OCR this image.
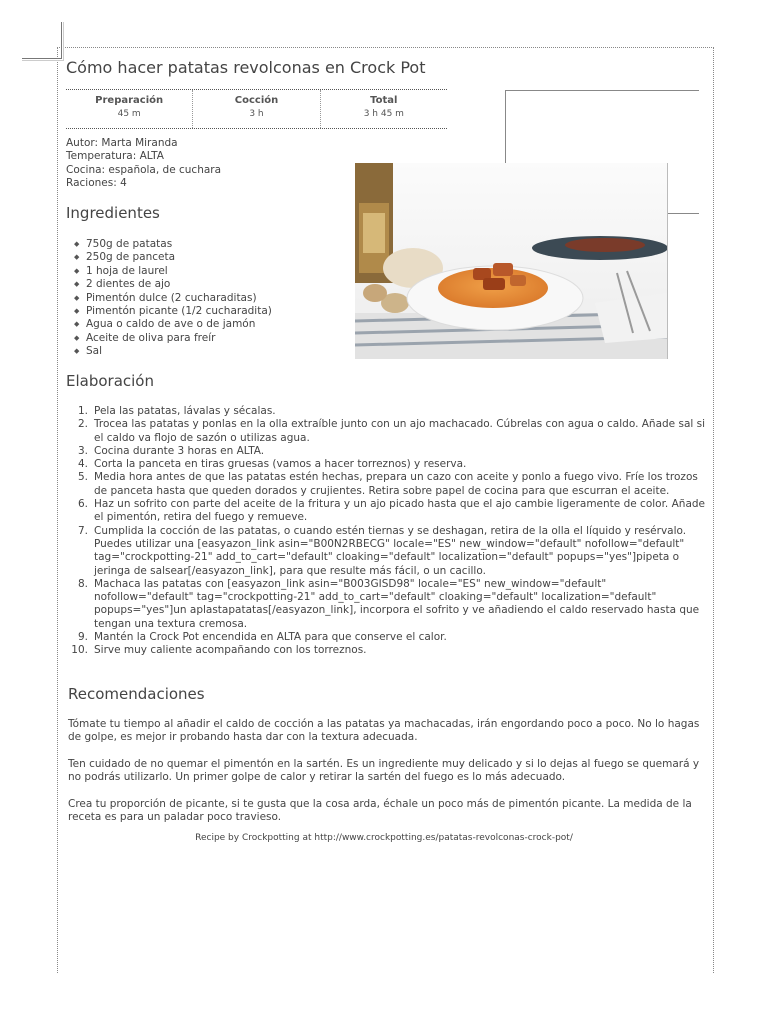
Cómo hacer patatas revolconas en Crock Pot
Preparación
45 m
Cocción
3 h
Total
3 h 45 m
Autor: Marta Miranda
Temperatura: ALTA
Cocina: española, de cuchara
Raciones: 4
Ingredientes
◆ 750g de patatas
◆ 250g de panceta
◆ 1 hoja de laurel
◆ 2 dientes de ajo
◆ Pimentón dulce (2 cucharaditas)
◆ Pimentón picante (1/2 cucharadita)
◆ Agua o caldo de ave o de jamón
◆ Aceite de oliva para freír
◆ Sal
Elaboración
1. Pela las patatas, lávalas y sécalas.
2. Trocea las patatas y ponlas en la olla extraíble junto con un ajo machacado. Cúbrelas con agua o caldo. Añade sal si el caldo va flojo de sazón o utilizas agua.
3. Cocina durante 3 horas en ALTA.
4. Corta la panceta en tiras gruesas (vamos a hacer torreznos) y reserva.
5. Media hora antes de que las patatas estén hechas, prepara un cazo con aceite y ponlo a fuego vivo. Fríe los trozos de panceta hasta que queden dorados y crujientes. Retira sobre papel de cocina para que escurran el aceite.
6. Haz un sofrito con parte del aceite de la fritura y un ajo picado hasta que el ajo cambie ligeramente de color. Añade el pimentón, retira del fuego y remueve.
7. Cumplida la cocción de las patatas, o cuando estén tiernas y se deshagan, retira de la olla el líquido y resérvalo. Puedes utilizar una [easyazon_link asin="B00N2RBECG" locale="ES" new_window="default" nofollow="default" tag="crockpotting-21" add_to_cart="default" cloaking="default" localization="default" popups="yes"]pipeta o jeringa de salsear[/easyazon_link], para que resulte más fácil, o un cacillo.
8. Machaca las patatas con [easyazon_link asin="B003GISD98" locale="ES" new_window="default" nofollow="default" tag="crockpotting-21" add_to_cart="default" cloaking="default" localization="default" popups="yes"]un aplastapatatas[/easyazon_link], incorpora el sofrito y ve añadiendo el caldo reservado hasta que tengan una textura cremosa.
9. Mantén la Crock Pot encendida en ALTA para que conserve el calor.
10. Sirve muy caliente acompañando con los torreznos.
Recomendaciones

Tómate tu tiempo al añadir el caldo de cocción a las patatas ya machacadas, irán engordando poco a poco. No lo hagas de golpe, es mejor ir probando hasta dar con la textura adecuada.

Ten cuidado de no quemar el pimentón en la sartén. Es un ingrediente muy delicado y si lo dejas al fuego se quemará y no podrás utilizarlo. Un primer golpe de calor y retirar la sartén del fuego es lo más adecuado.

Crea tu proporción de picante, si te gusta que la cosa arda, échale un poco más de pimentón picante. La medida de la receta es para un paladar poco travieso.

Recipe by Crockpotting at http://www.crockpotting.es/patatas-revolconas-crock-pot/
